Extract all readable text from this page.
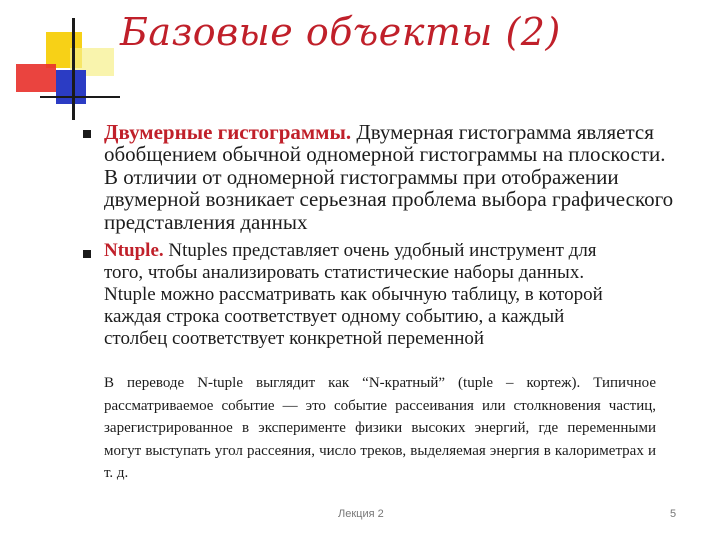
Базовые объекты (2)
Двумерные гистограммы. Двумерная гистограмма является обобщением обычной одномерной гистограммы на плоскости. В отличии от одномерной гистограммы при отображении двумерной возникает серьезная проблема выбора графического представления данных
Ntuple. Ntuples представляет очень удобный инструмент для того, чтобы анализировать статистические наборы данных. Ntuple можно рассматривать как обычную таблицу, в которой каждая строка соответствует одному событию, а каждый столбец соответствует конкретной переменной
В переводе N-tuple выглядит как “N-кратный” (tuple – кортеж). Типичное рассматриваемое событие — это событие рассеивания или столкновения частиц, зарегистрированное в эксперименте физики высоких энергий, где переменными могут выступать угол рассеяния, число треков, выделяемая энергия в калориметрах и т. д.
Лекция 2	5
